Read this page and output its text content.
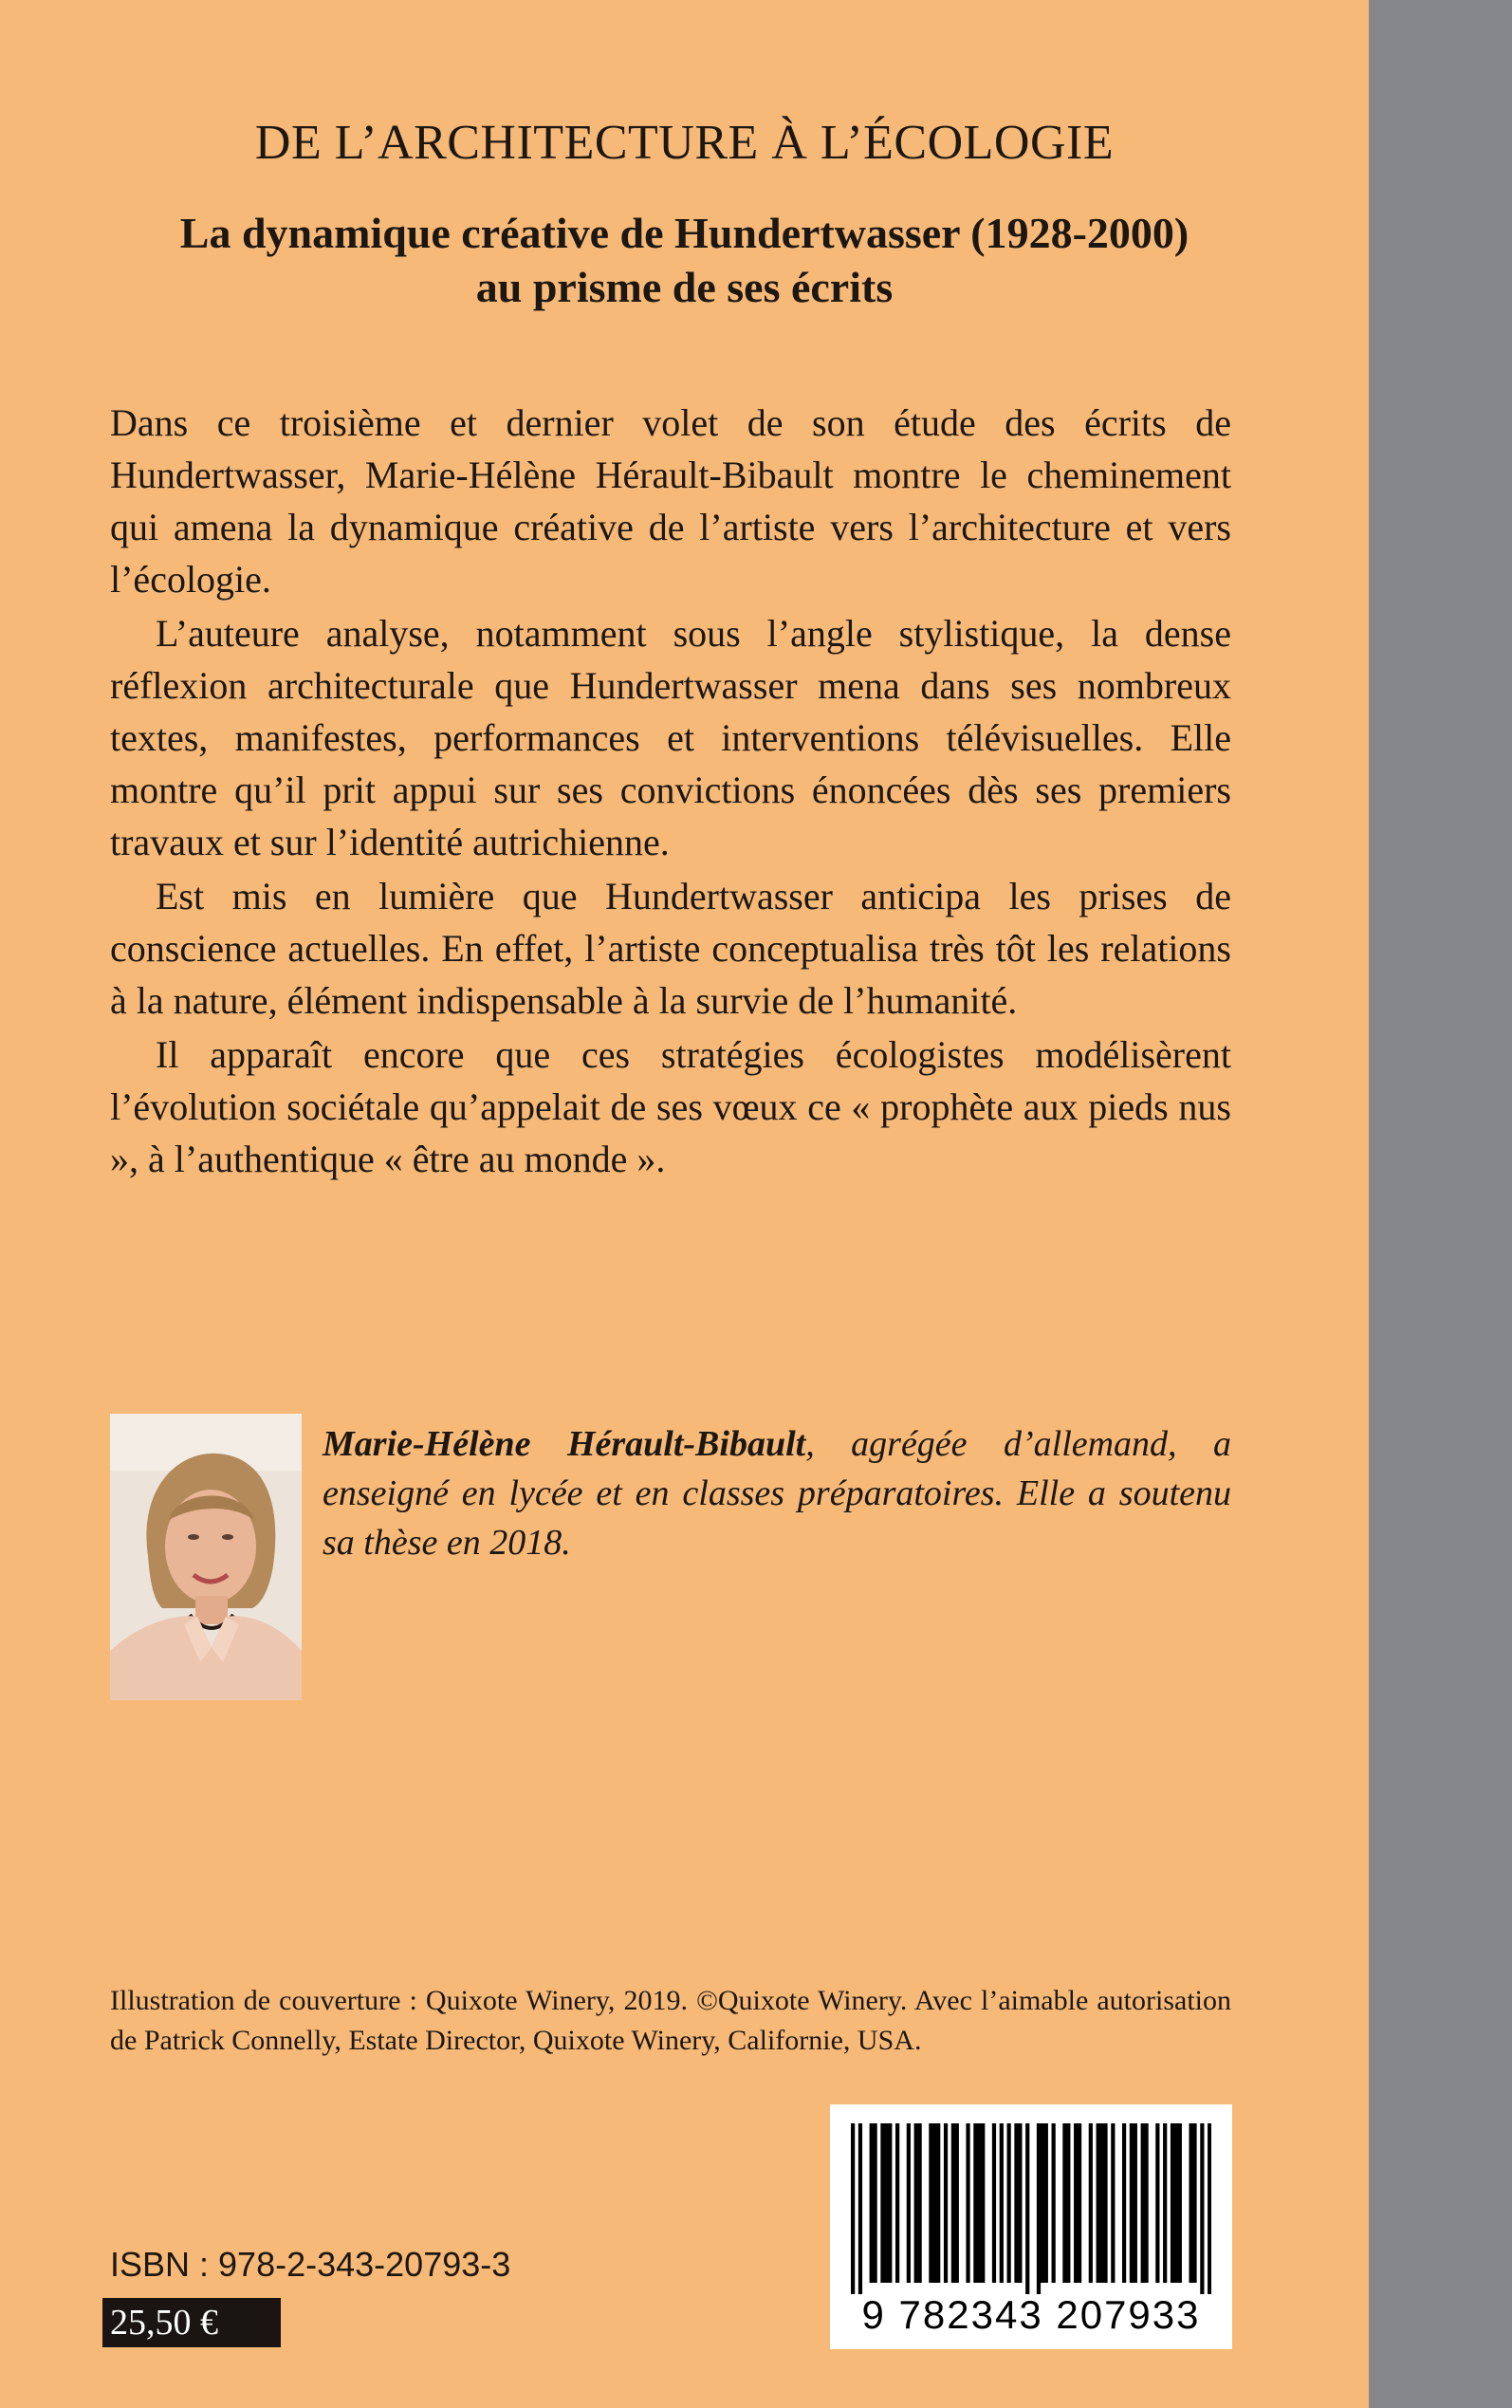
DE L’ARCHITECTURE À L’ÉCOLOGIE
La dynamique créative de Hundertwasser (1928-2000)
au prisme de ses écrits

Dans ce troisième et dernier volet de son étude des écrits de Hundertwasser, Marie-Hélène Hérault-Bibault montre le cheminement qui amena la dynamique créative de l’artiste vers l’architecture et vers l’écologie.

L’auteure analyse, notamment sous l’angle stylistique, la dense réflexion architecturale que Hundertwasser mena dans ses nombreux textes, manifestes, performances et interventions télévisuelles. Elle montre qu’il prit appui sur ses convictions énoncées dès ses premiers travaux et sur l’identité autrichienne.

Est mis en lumière que Hundertwasser anticipa les prises de conscience actuelles. En effet, l’artiste conceptualisa très tôt les relations à la nature, élément indispensable à la survie de l’humanité.

Il apparaît encore que ces stratégies écologistes modélisèrent l’évolution sociétale qu’appelait de ses vœux ce « prophète aux pieds nus », à l’authentique « être au monde ».

Marie-Hélène Hérault-Bibault, agrégée d’allemand, a enseigné en lycée et en classes préparatoires. Elle a soutenu sa thèse en 2018.
Illustration de couverture : Quixote Winery, 2019. ©Quixote Winery. Avec l’aimable autorisation de Patrick Connelly, Estate Director, Quixote Winery, Californie, USA.
9 782343 207933
ISBN : 978-2-343-20793-3
25,50 €
